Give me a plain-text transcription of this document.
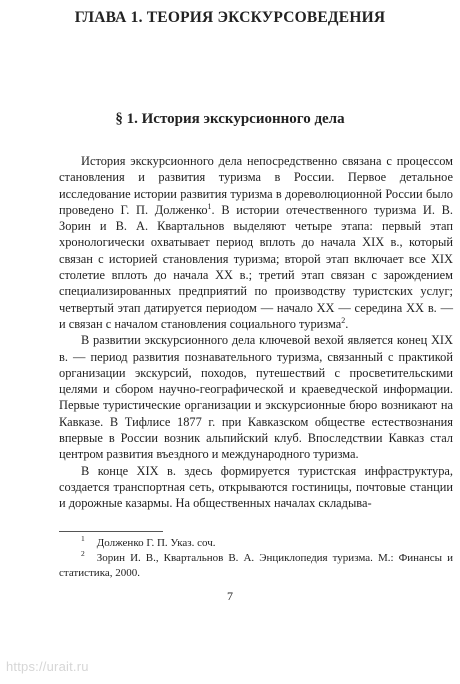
ГЛАВА 1. ТЕОРИЯ ЭКСКУРСОВЕДЕНИЯ
§ 1. История экскурсионного дела

История экскурсионного дела непосредственно связана с процессом становления и развития туризма в России. Первое детальное исследование истории развития туризма в дореволюционной России было проведено Г. П. Долженко$^1$. В истории отечественного туризма И. В. Зорин и В. А. Квартальнов выделяют четыре этапа: первый этап хронологически охватывает период вплоть до начала XIX в., который связан с историей становления туризма; второй этап включает все XIX столетие вплоть до начала XX в.; третий этап связан с зарождением специализированных предприятий по производству туристских услуг; четвертый этап датируется периодом — начало XX — середина XX в. — и связан с началом становления социального туризма$^2$.

В развитии экскурсионного дела ключевой вехой является конец XIX в. — период развития познавательного туризма, связанный с практикой организации экскурсий, походов, путешествий с просветительскими целями и сбором научно-географической и краеведческой информации. Первые туристические организации и экскурсионные бюро возникают на Кавказе. В Тифлисе 1877 г. при Кавказском обществе естествознания впервые в России возник альпийский клуб. Впоследствии Кавказ стал центром развития въездного и международного туризма.

В конце XIX в. здесь формируется туристская инфраструктура, создается транспортная сеть, открываются гостиницы, почтовые станции и дорожные казармы. На общественных началах складыва-

$^1$ Долженко Г. П. Указ. соч.

$^2$ Зорин И. В., Квартальнов В. А. Энциклопедия туризма. М.: Финансы и статистика, 2000.

7
https://urait.ru
